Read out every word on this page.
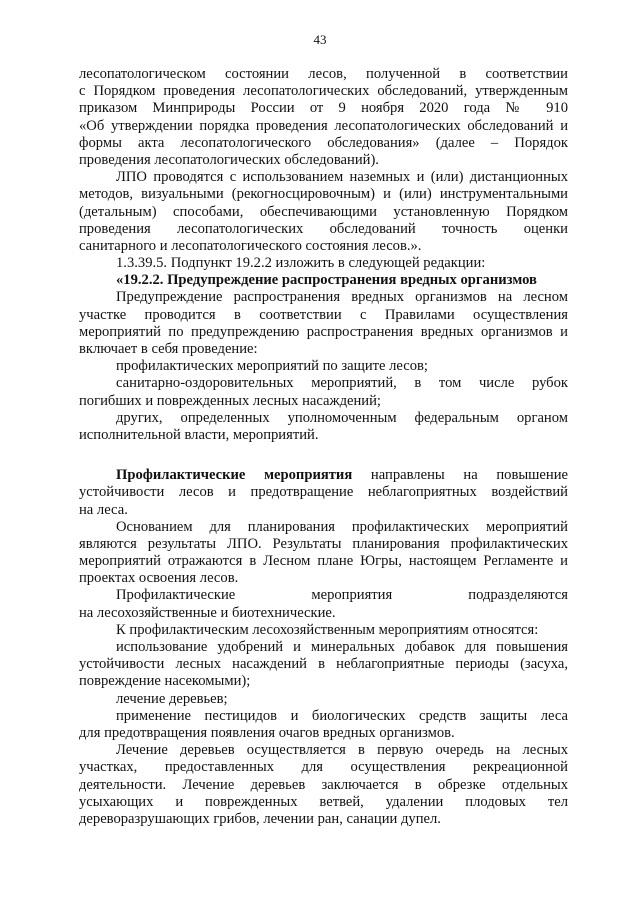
43
лесопатологическом состоянии лесов, полученной в соответствии
с Порядком проведения лесопатологических обследований, утвержденным
приказом Минприроды России от 9 ноября 2020 года № 910
«Об утверждении порядка проведения лесопатологических обследований и
формы акта лесопатологического обследования» (далее – Порядок
проведения лесопатологических обследований).
ЛПО проводятся с использованием наземных и (или) дистанционных
методов, визуальными (рекогносцировочным) и (или) инструментальными
(детальным) способами, обеспечивающими установленную Порядком
проведения лесопатологических обследований точность оценки
санитарного и лесопатологического состояния лесов.».
1.3.39.5. Подпункт 19.2.2 изложить в следующей редакции:
«19.2.2. Предупреждение распространения вредных организмов
Предупреждение распространения вредных организмов на лесном
участке проводится в соответствии с Правилами осуществления
мероприятий по предупреждению распространения вредных организмов и
включает в себя проведение:
профилактических мероприятий по защите лесов;
санитарно-оздоровительных мероприятий, в том числе рубок
погибших и поврежденных лесных насаждений;
других, определенных уполномоченным федеральным органом
исполнительной власти, мероприятий.
Профилактические мероприятия направлены на повышение
устойчивости лесов и предотвращение неблагоприятных воздействий
на леса.
Основанием для планирования профилактических мероприятий
являются результаты ЛПО. Результаты планирования профилактических
мероприятий отражаются в Лесном плане Югры, настоящем Регламенте и
проектах освоения лесов.
Профилактические мероприятия подразделяются
на лесохозяйственные и биотехнические.
К профилактическим лесохозяйственным мероприятиям относятся:
использование удобрений и минеральных добавок для повышения
устойчивости лесных насаждений в неблагоприятные периоды (засуха,
повреждение насекомыми);
лечение деревьев;
применение пестицидов и биологических средств защиты леса
для предотвращения появления очагов вредных организмов.
Лечение деревьев осуществляется в первую очередь на лесных
участках, предоставленных для осуществления рекреационной
деятельности. Лечение деревьев заключается в обрезке отдельных
усыхающих и поврежденных ветвей, удалении плодовых тел
дереворазрушающих грибов, лечении ран, санации дупел.
